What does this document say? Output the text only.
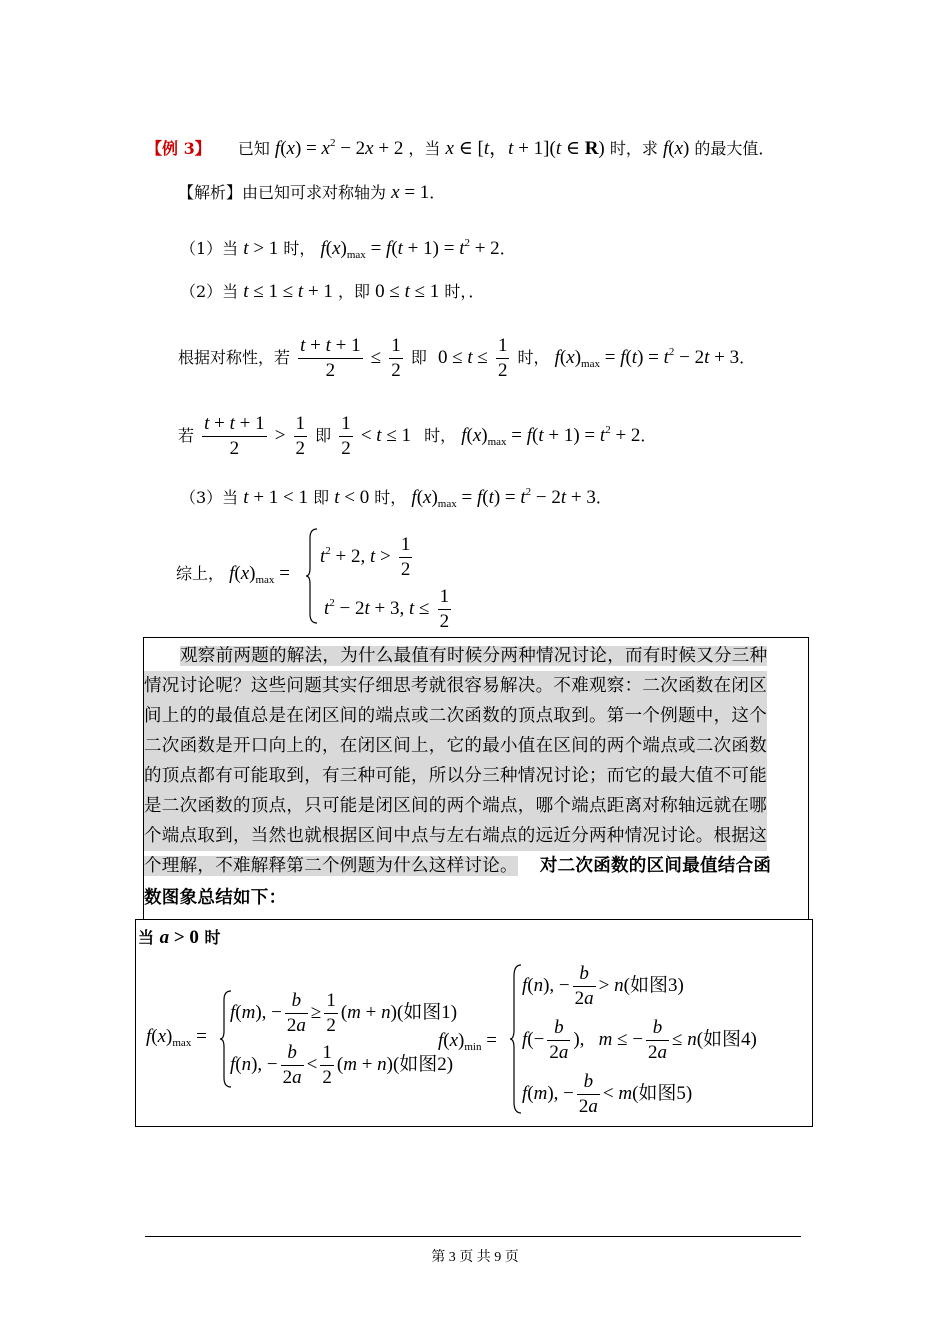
【例 3】 已知 $f(x) = x^2 - 2x + 2$ ，当 x ∈ [t，t + 1](t ∈ R) 时，求 f(x) 的最大值．
【解析】由已知可求对称轴为 x = 1．
（1）当 t > 1 时， $f(x)_{max} = f(t + 1) = t^2 + 2$．
（2）当 t ≤ 1 ≤ t + 1 ，即 0 ≤ t ≤ 1 时，．
根据对称性，若 $\frac{t + t + 1}{2} \le \frac{1}{2}$ 即 $0 \le t \le \frac{1}{2}$ 时， $f(x)_{max} = f(t) = t^2 - 2t + 3$．
若 $\frac{t + t + 1}{2} > \frac{1}{2}$ 即 $\frac{1}{2} < t \le 1$ 时， $f(x)_{max} = f(t + 1) = t^2 + 2$．
（3）当 t + 1 < 1 即 t < 0 时， $f(x)_{max} = f(t) = t^2 - 2t + 3$．
综上， $f(x)_{max}$ =
$t^2 + 2$, $t > \frac{1}{2}$
$t^2 - 2t + 3$, $t \le \frac{1}{2}$
观察前两题的解法，为什么最值有时候分两种情况讨论，而有时候又分三种
情况讨论呢？这些问题其实仔细思考就很容易解决。不难观察：二次函数在闭区
间上的的最值总是在闭区间的端点或二次函数的顶点取到。第一个例题中，这个
二次函数是开口向上的，在闭区间上，它的最小值在区间的两个端点或二次函数
的顶点都有可能取到，有三种可能，所以分三种情况讨论；而它的最大值不可能
是二次函数的顶点，只可能是闭区间的两个端点，哪个端点距离对称轴远就在哪
个端点取到，当然也就根据区间中点与左右端点的远近分两种情况讨论。根据这
个理解，不难解释第二个例题为什么这样讨论。 对二次函数的区间最值结合函
数图象总结如下：
当 a > 0 时
$f(x)_{max}$ =
f(m), − $\frac{b}{2a} \ge \frac{1}{2} (m + n)$(如图1)
f(n), − $\frac{b}{2a} < \frac{1}{2} (m + n)$(如图2)
$f(x)_{min}$ =
f(n), − $\frac{b}{2a} > n$(如图3)
$f(- \frac{b}{2a}$ ),   m ≤ − $\frac{b}{2a} \le n$(如图4)
f(m), − $\frac{b}{2a} < m$(如图5)
第 3 页 共 9 页
